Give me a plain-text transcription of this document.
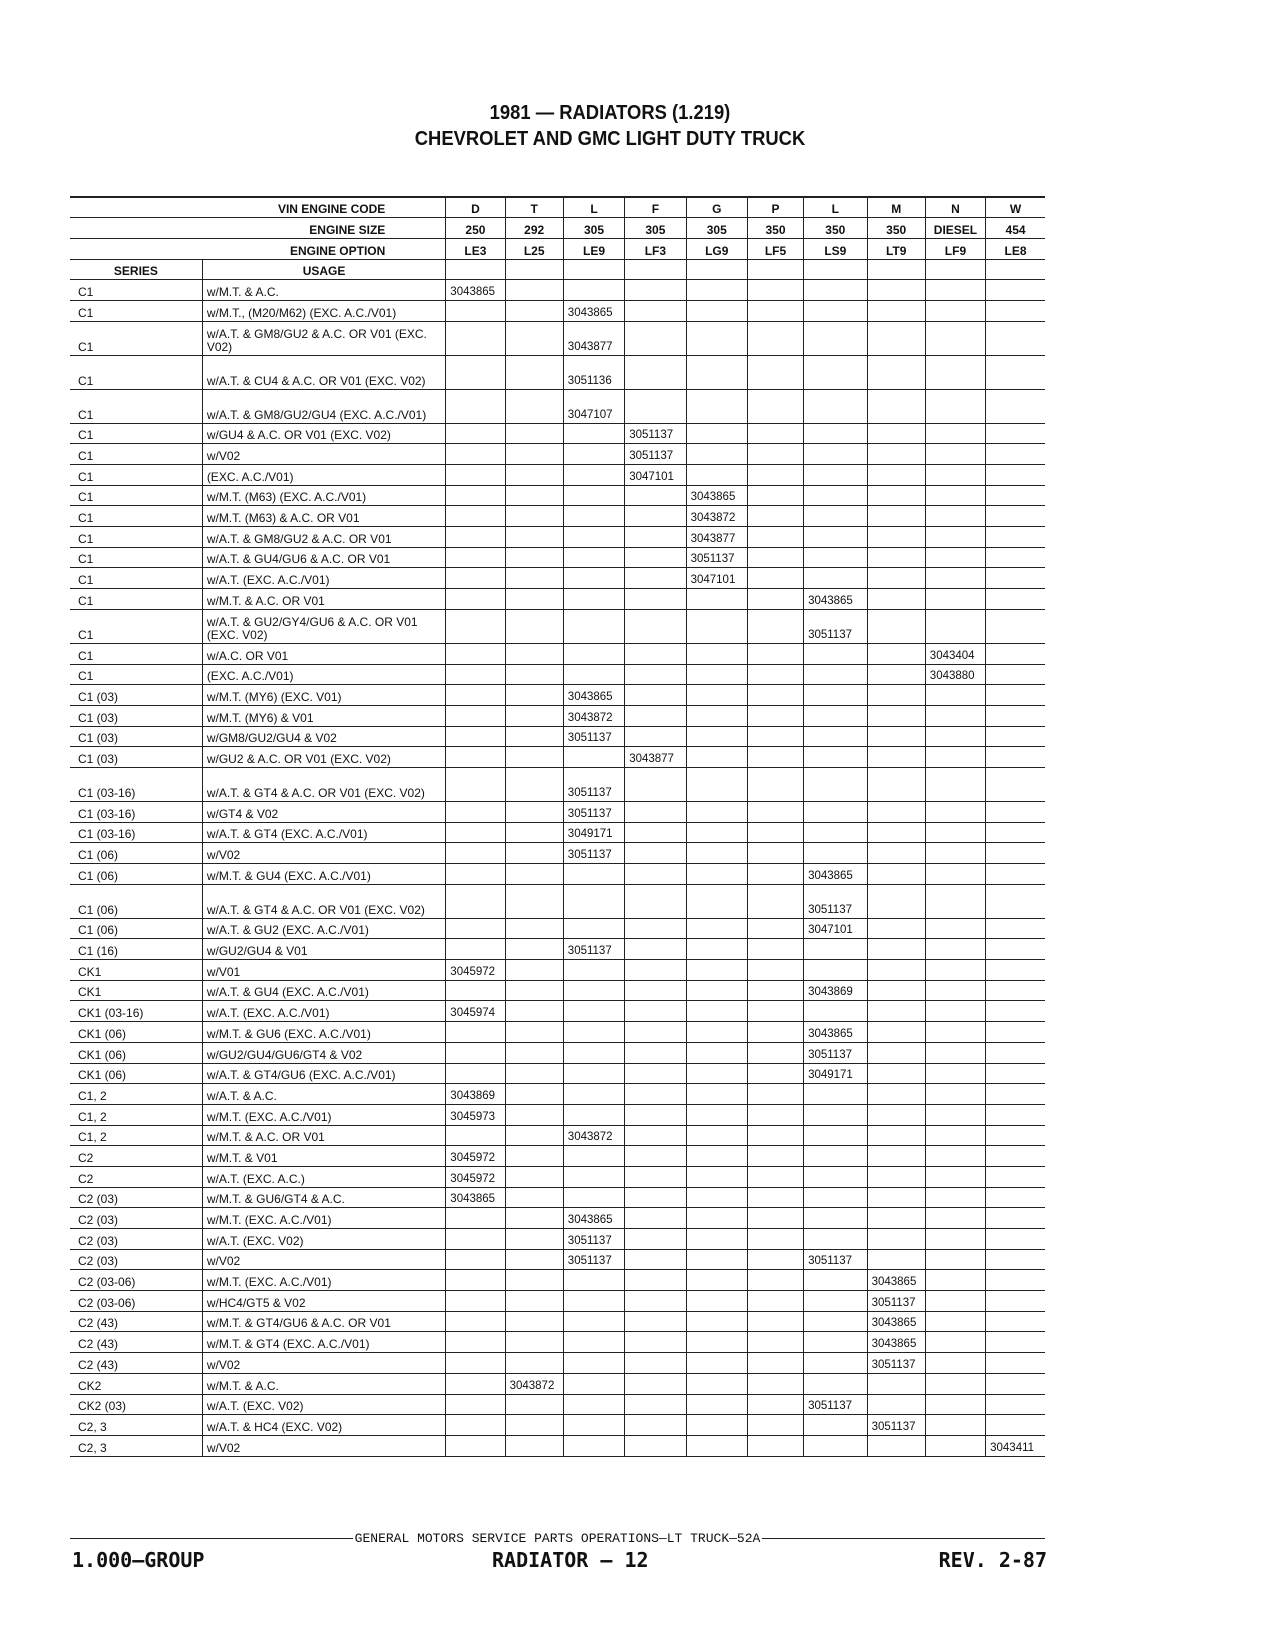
1981 — RADIATORS (1.219)
CHEVROLET AND GMC LIGHT DUTY TRUCK
VIN ENGINE CODE		D	T	L	F	G	P	L	M	N	W
ENGINE SIZE		250	292	305	305	305	350	350	350	DIESEL	454
ENGINE OPTION		LE3	L25	LE9	LF3	LG9	LF5	LS9	LT9	LF9	LE8
SERIES	USAGE										
C1	w/M.T. & A.C.	3043865									
C1	w/M.T., (M20/M62) (EXC. A.C./V01)			3043865							
C1	w/A.T. & GM8/GU2 & A.C. OR V01 (EXC. V02)			3043877							
C1	w/A.T. & CU4 & A.C. OR V01 (EXC. V02)			3051136							
C1	w/A.T. & GM8/GU2/GU4 (EXC. A.C./V01)			3047107							
C1	w/GU4 & A.C. OR V01 (EXC. V02)				3051137						
C1	w/V02				3051137						
C1	(EXC. A.C./V01)				3047101						
C1	w/M.T. (M63) (EXC. A.C./V01)					3043865					
C1	w/M.T. (M63) & A.C. OR V01					3043872					
C1	w/A.T. & GM8/GU2 & A.C. OR V01					3043877					
C1	w/A.T. & GU4/GU6 & A.C. OR V01					3051137					
C1	w/A.T. (EXC. A.C./V01)					3047101					
C1	w/M.T. & A.C. OR V01							3043865			
C1	w/A.T. & GU2/GY4/GU6 & A.C. OR V01 (EXC. V02)							3051137			
C1	w/A.C. OR V01									3043404	
C1	(EXC. A.C./V01)									3043880	
C1 (03)	w/M.T. (MY6) (EXC. V01)			3043865							
C1 (03)	w/M.T. (MY6) & V01			3043872							
C1 (03)	w/GM8/GU2/GU4 & V02			3051137							
C1 (03)	w/GU2 & A.C. OR V01 (EXC. V02)				3043877						
C1 (03-16)	w/A.T. & GT4 & A.C. OR V01 (EXC. V02)			3051137							
C1 (03-16)	w/GT4 & V02			3051137							
C1 (03-16)	w/A.T. & GT4 (EXC. A.C./V01)			3049171							
C1 (06)	w/V02			3051137							
C1 (06)	w/M.T. & GU4 (EXC. A.C./V01)							3043865			
C1 (06)	w/A.T. & GT4 & A.C. OR V01 (EXC. V02)							3051137			
C1 (06)	w/A.T. & GU2 (EXC. A.C./V01)							3047101			
C1 (16)	w/GU2/GU4 & V01			3051137							
CK1	w/V01	3045972									
CK1	w/A.T. & GU4 (EXC. A.C./V01)							3043869			
CK1 (03-16)	w/A.T. (EXC. A.C./V01)	3045974									
CK1 (06)	w/M.T. & GU6 (EXC. A.C./V01)							3043865			
CK1 (06)	w/GU2/GU4/GU6/GT4 & V02							3051137			
CK1 (06)	w/A.T. & GT4/GU6 (EXC. A.C./V01)							3049171			
C1, 2	w/A.T. & A.C.	3043869									
C1, 2	w/M.T. (EXC. A.C./V01)	3045973									
C1, 2	w/M.T. & A.C. OR V01			3043872							
C2	w/M.T. & V01	3045972									
C2	w/A.T. (EXC. A.C.)	3045972									
C2 (03)	w/M.T. & GU6/GT4 & A.C.	3043865									
C2 (03)	w/M.T. (EXC. A.C./V01)			3043865							
C2 (03)	w/A.T. (EXC. V02)			3051137							
C2 (03)	w/V02			3051137				3051137			
C2 (03-06)	w/M.T. (EXC. A.C./V01)								3043865		
C2 (03-06)	w/HC4/GT5 & V02								3051137		
C2 (43)	w/M.T. & GT4/GU6 & A.C. OR V01								3043865		
C2 (43)	w/M.T. & GT4 (EXC. A.C./V01)								3043865		
C2 (43)	w/V02								3051137		
CK2	w/M.T. & A.C.		3043872								
CK2 (03)	w/A.T. (EXC. V02)							3051137			
C2, 3	w/A.T. & HC4 (EXC. V02)								3051137		
C2, 3	w/V02										3043411
GENERAL MOTORS SERVICE PARTS OPERATIONS—LT TRUCK—52A
1.000—GROUP	RADIATOR — 12	REV. 2-87
